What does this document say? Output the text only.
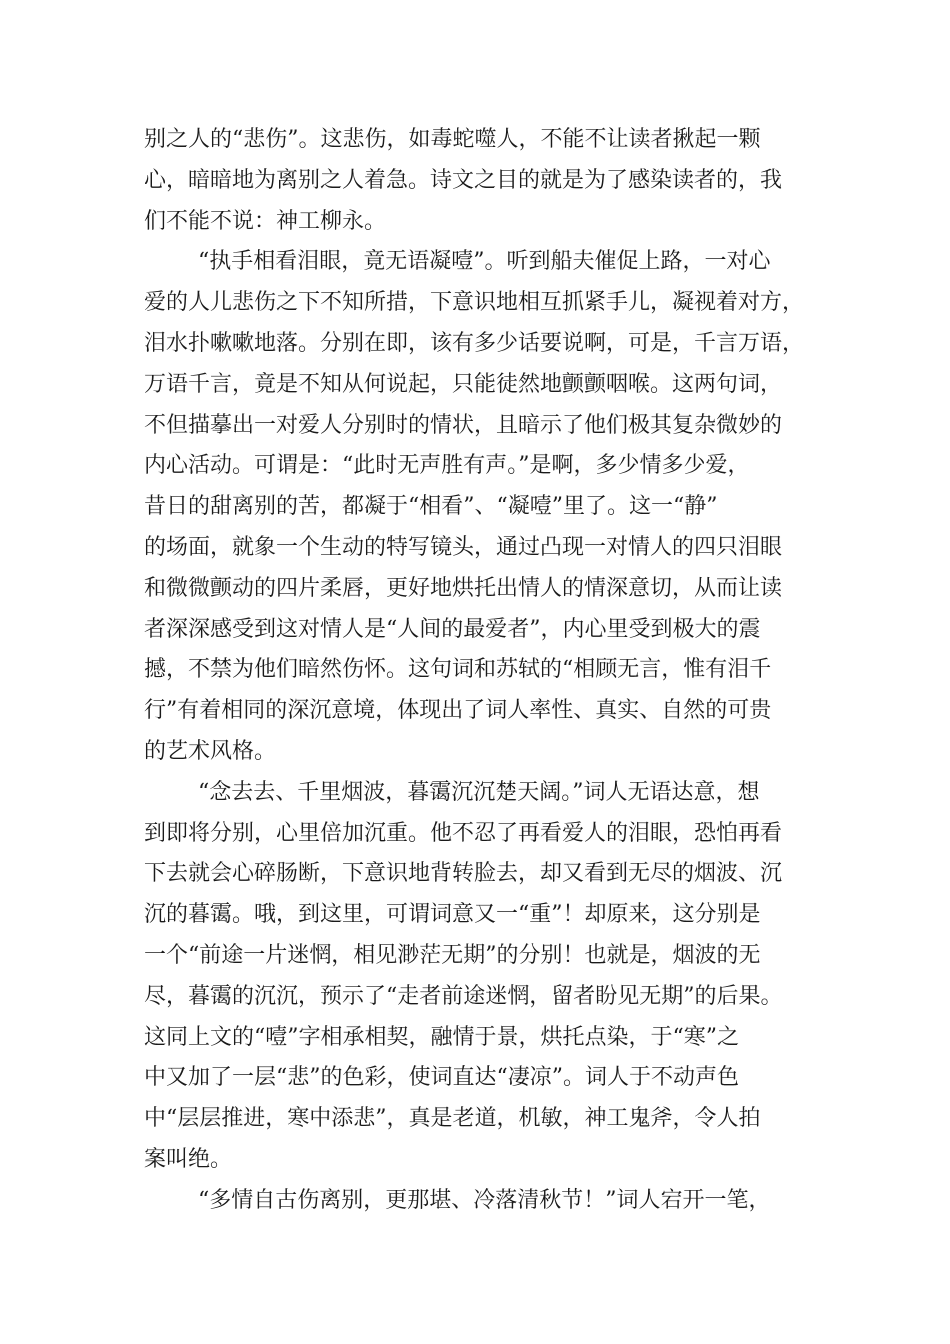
别之人的“悲伤”。这悲伤，如毒蛇噬人，不能不让读者揪起一颗
心，暗暗地为离别之人着急。诗文之目的就是为了感染读者的，我
们不能不说：神工柳永。
“执手相看泪眼，竟无语凝噎”。听到船夫催促上路，一对心
爱的人儿悲伤之下不知所措，下意识地相互抓紧手儿，凝视着对方，
泪水扑嗽嗽地落。分别在即，该有多少话要说啊，可是，千言万语，
万语千言，竟是不知从何说起，只能徒然地颤颤咽喉。这两句词，
不但描摹出一对爱人分别时的情状，且暗示了他们极其复杂微妙的
内心活动。可谓是：“此时无声胜有声。”是啊，多少情多少爱，
昔日的甜离别的苦，都凝于“相看”、“凝噎”里了。这一“静”
的场面，就象一个生动的特写镜头，通过凸现一对情人的四只泪眼
和微微颤动的四片柔唇，更好地烘托出情人的情深意切，从而让读
者深深感受到这对情人是“人间的最爱者”，内心里受到极大的震
撼，不禁为他们暗然伤怀。这句词和苏轼的“相顾无言，惟有泪千
行”有着相同的深沉意境，体现出了词人率性、真实、自然的可贵
的艺术风格。
“念去去、千里烟波，暮霭沉沉楚天阔。”词人无语达意，想
到即将分别，心里倍加沉重。他不忍了再看爱人的泪眼，恐怕再看
下去就会心碎肠断，下意识地背转脸去，却又看到无尽的烟波、沉
沉的暮霭。哦，到这里，可谓词意又一“重”！却原来，这分别是
一个“前途一片迷惘，相见渺茫无期”的分别！也就是，烟波的无
尽，暮霭的沉沉，预示了“走者前途迷惘，留者盼见无期”的后果。
这同上文的“噎”字相承相契，融情于景，烘托点染，于“寒”之
中又加了一层“悲”的色彩，使词直达“凄凉”。词人于不动声色
中“层层推进，寒中添悲”，真是老道，机敏，神工鬼斧，令人拍
案叫绝。
“多情自古伤离别，更那堪、冷落清秋节！”词人宕开一笔，
